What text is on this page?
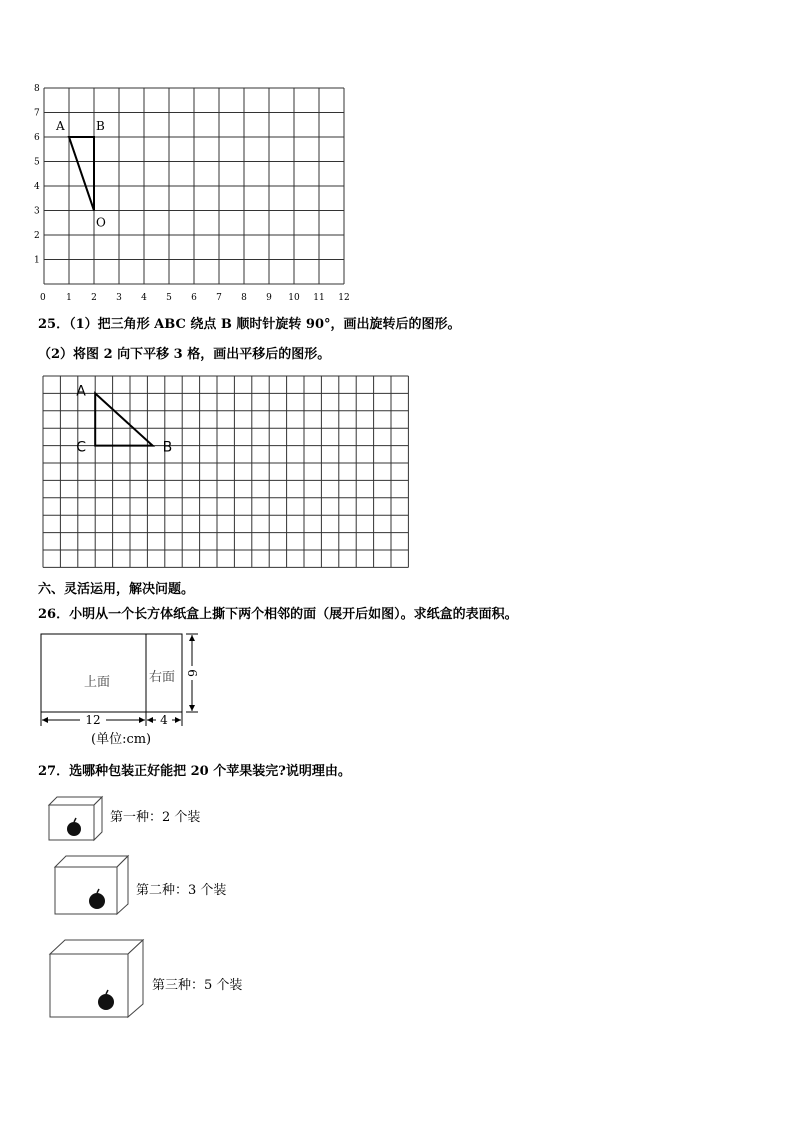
0
1
2
3
4
5
6
7
8
1 2 3 4 5 6 7 8 9 10 11 12
A	B
O
25．（1）把三角形 ABC 绕点 B 顺时针旋转 90°，画出旋转后的图形。
（2）将图 2 向下平移 3 格，画出平移后的图形。
A
B
C
六、灵活运用，解决问题。
26．小明从一个长方体纸盒上撕下两个相邻的面（展开后如图）。求纸盒的表面积。
上面	右面 6
12	4
(单位:cm)
27．选哪种包装正好能把 20 个苹果装完?说明理由。
第一种：2 个装
第二种：3 个装
第三种：5 个装
